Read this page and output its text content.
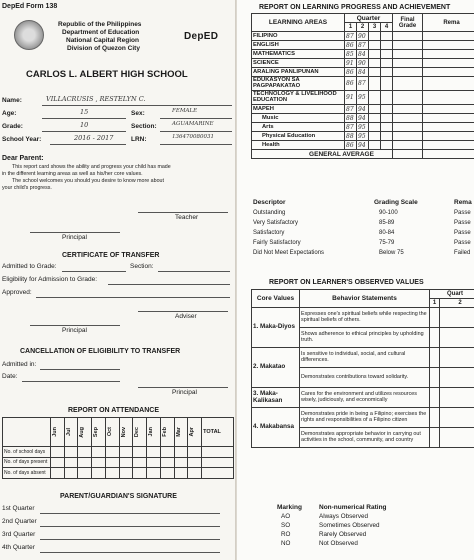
DepEd Form 138
Republic of the Philippines
Department of Education
National Capital Region
Division of Quezon City
DepED
CARLOS L. ALBERT HIGH SCHOOL
Name:	VILLACRUSIS , RESTELYN C.
Age:	15	Sex:	FEMALE
Grade:	10	Section:	AGUAMARINE
School Year:	2016 - 2017	LRN:	136470080031
Dear Parent:
This report card shows the ability and progress your child has made
in the different learning areas as well as his/her core values.
The school welcomes you should you desire to know more about
your child's progress.
Teacher
Principal
CERTIFICATE OF TRANSFER
Admitted to Grade:	Section:
Eligibility for Admission to Grade:
Approved:
Adviser
Principal
CANCELLATION OF ELIGIBILITY TO TRANSFER
Admitted in:
Date:
Principal
REPORT ON ATTENDANCE

	Jun	Jul	Aug	Sep	Oct	Nov	Dec	Jan	Feb	Mar	Apr	TOTAL
No. of school days												
No. of days present												
No. of days absent												
PARENT/GUARDIAN'S SIGNATURE
1st Quarter
2nd Quarter
3rd Quarter
4th Quarter
REPORT ON LEARNING PROGRESS AND ACHIEVEMENT
LEARNING AREAS	Quarter				Final Grade	Rema
	1	2	3	4		
FILIPINO	87	90				
ENGLISH	86	87				
MATHEMATICS	85	84				
SCIENCE	91	90				
ARALING PANLIPUNAN	86	84				
EDUKASYON SA PAGPAPAKATAO	86	87				
TECHNOLOGY & LIVELIHOOD EDUCATION	91	95				
MAPEH	87	94				
Music	88	94				
Arts	87	95				
Physical Education	88	95				
Health	86	94				
GENERAL AVERAGE						
Descriptor	Grading Scale	Rema
Outstanding	90-100	Passe
Very Satisfactory	85-89	Passe
Satisfactory	80-84	Passe
Fairly Satisfactory	75-79	Passe
Did Not Meet Expectations	Below 75	Failed
REPORT ON LEARNER'S OBSERVED VALUES
Core Values	Behavior Statements	Quart	
		1	2
1. Maka-Diyos	Expresses one's spiritual beliefs while respecting the spiritual beliefs of others.		
	Shows adherence to ethical principles by upholding truth.		
2. Makatao	Is sensitive to individual, social, and cultural differences.		
	Demonstrates contributions toward solidarity.		
3. Maka-Kalikasan	Cares for the environment and utilizes resources wisely, judiciously, and economically		
4. Makabansa	Demonstrates pride in being a Filipino; exercises the rights and responsibilities of a Filipino citizen		
	Demonstrates appropriate behavior in carrying out activities in the school, community, and country		
Marking	Non-numerical Rating
AO	Always Observed
SO	Sometimes Observed
RO	Rarely Observed
NO	Not Observed
